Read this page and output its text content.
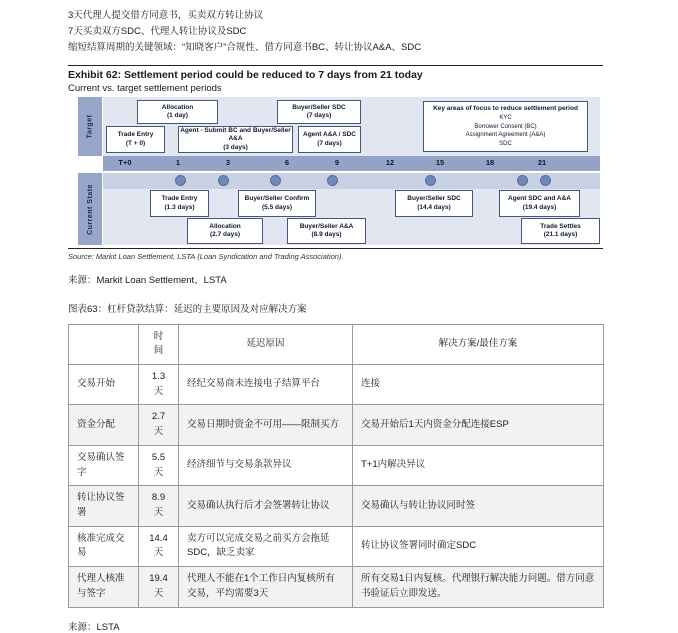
3天代理人提交借方同意书，买卖双方转让协议
7天买卖双方SDC、代理人转让协议及SDC
缩短结算周期的关键领域：“知晓客户”合规性、借方同意书BC、转让协议A&A、SDC
Exhibit 62: Settlement period could be reduced to 7 days from 21 today
Current vs. target settlement periods
Target
Allocation
(1 day)
Buyer/Seller SDC
(7 days)
Trade Entry
(T + 0)
Agent - Submit BC and Buyer/Seller A&A
(3 days)
Agent A&A / SDC
(7 days)
Key areas of focus to reduce settlement period
KYC
Borrower Consent (BC)
Assignment Agreement (A&A)
SDC
T+0	1	3	6	9	12	15	18	21
Current State	Trade Entry
(1.3 days)
Buyer/Seller Confirm
(5.5 days)
Buyer/Seller SDC
(14.4 days)
Agent SDC and A&A
(19.4 days)
Allocation
(2.7 days)
Buyer/Seller A&A
(8.9 days)
Trade Settles
(21.1 days)
Source: Markit Loan Settlement, LSTA (Loan Syndication and Trading Association).
来源：Markit Loan Settlement、LSTA
图表63：杠杆贷款结算：延迟的主要原因及对应解决方案
	时间	延迟原因	解决方案/最佳方案
交易开始	1.3
天	经纪交易商未连接电子结算平台	连接
资金分配	2.7
天	交易日期时资金不可用——限制买方	交易开始后1天内资金分配连接ESP
交易确认签字	5.5
天	经济细节与交易条款异议	T+1内解决异议
转让协议签署	8.9
天	交易确认执行后才会签署转让协议	交易确认与转让协议同时签
核准完成交易	14.4
天	卖方可以完成交易之前买方会拖延SDC，缺乏卖家	转让协议签署同时确定SDC
代理人核准与签字	19.4
天	代理人不能在1个工作日内复核所有交易，平均需要3天	所有交易1日内复核。代理银行解决能力问题。借方同意书验证后立即发送。
来源：LSTA
